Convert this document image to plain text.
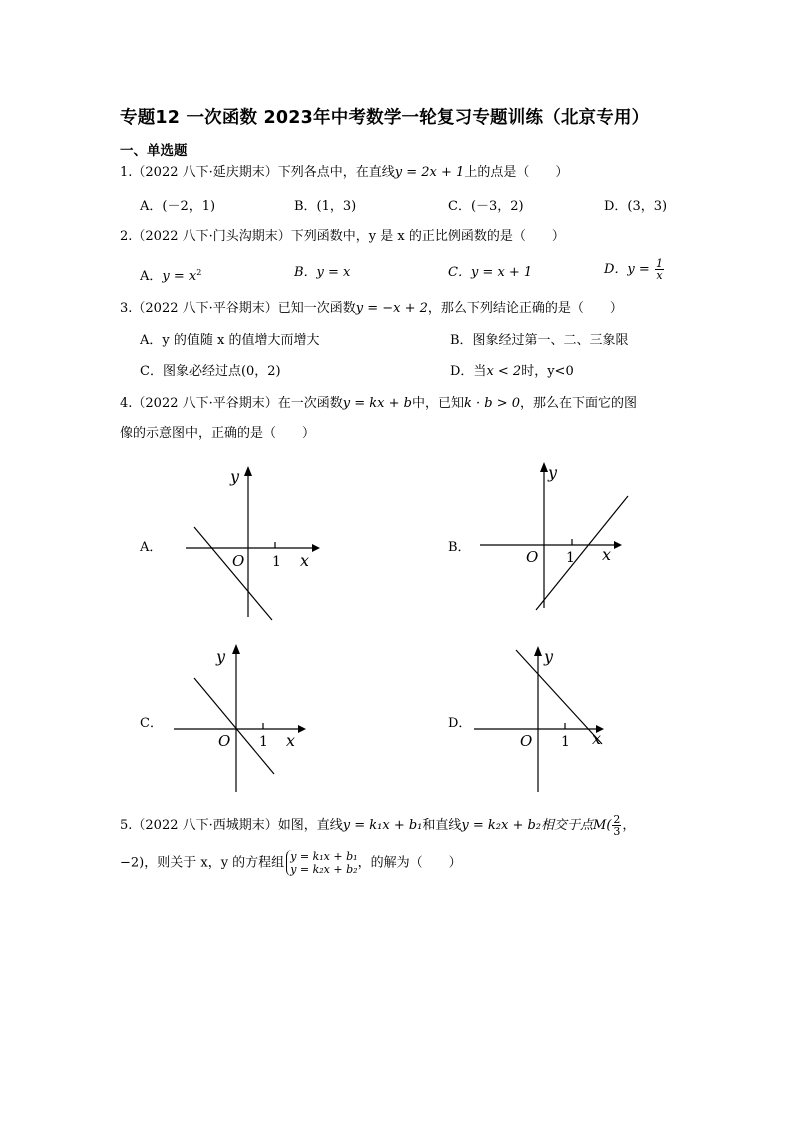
专题12 一次函数 2023年中考数学一轮复习专题训练（北京专用）
一、单选题
1.（2022 八下·延庆期末）下列各点中，在直线y = 2x + 1上的点是（　　）
A．(－2，1)	B．(1，3)	C．(－3，2)	D．(3，3)
2.（2022 八下·门头沟期末）下列函数中，y 是 x 的正比例函数的是（　　）
A．$y = x^2$	B．y = x	C．y = x + 1	D．$y = \frac{1}{x}$
3.（2022 八下·平谷期末）已知一次函数y = −x + 2，那么下列结论正确的是（　　）
A．y 的值随 x 的值增大而增大	B．图象经过第一、二、三象限
C．图象必经过点(0，2)	D．当x < 2时，y<0
4.（2022 八下·平谷期末）在一次函数y = kx + b中，已知k · b > 0，那么在下面它的图
像的示意图中，正确的是（　　）
A．
y
O 1 x
B．
y
O 1 x
C．
y
O 1 x
D．
y
O 1 x
5.（2022 八下·西城期末）如图，直线y = k₁x + b₁和直线y = k₂x + b₂相交于点$M( \frac{2}{3}$ ，
−2)，则关于 x，y 的方程组 y = k₁x + b₁
y = k₂x + b₂ ，的解为（　　）
